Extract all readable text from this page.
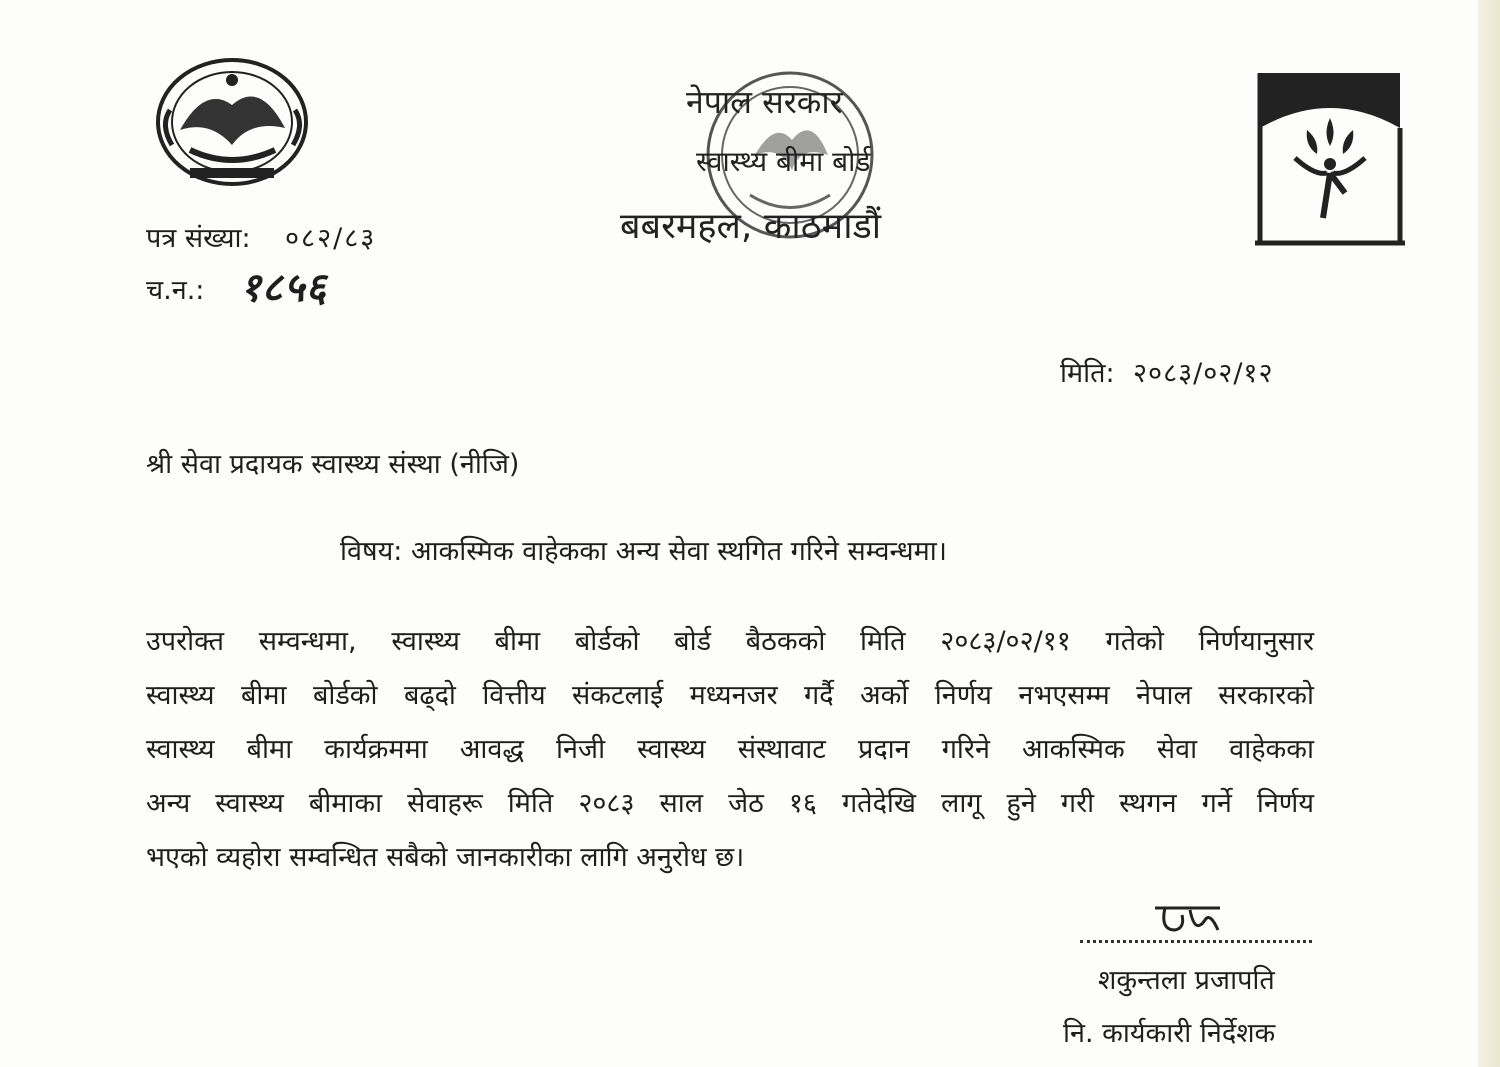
नेपाल सरकार
स्वास्थ्य बीमा बोर्ड
बबरमहल, काठमाडौं
पत्र संख्या: ०८२/८३
च.न.: १८५६
मिति: २०८३/०२/१२
श्री सेवा प्रदायक स्वास्थ्य संस्था (नीजि)
विषय: आकस्मिक वाहेकका अन्य सेवा स्थगित गरिने सम्वन्धमा।
उपरोक्त सम्वन्धमा, स्वास्थ्य बीमा बोर्डको बोर्ड बैठकको मिति २०८३/०२/११ गतेको निर्णयानुसार
स्वास्थ्य बीमा बोर्डको बढ्दो वित्तीय संकटलाई मध्यनजर गर्दै अर्को निर्णय नभएसम्म नेपाल सरकारको
स्वास्थ्य बीमा कार्यक्रममा आवद्ध निजी स्वास्थ्य संस्थावाट प्रदान गरिने आकस्मिक सेवा वाहेकका
अन्य स्वास्थ्य बीमाका सेवाहरू मिति २०८३ साल जेठ १६ गतेदेखि लागू हुने गरी स्थगन गर्ने निर्णय
भएको व्यहोरा सम्वन्धित सबैको जानकारीका लागि अनुरोध छ।
शकुन्तला प्रजापति
नि. कार्यकारी निर्देशक
